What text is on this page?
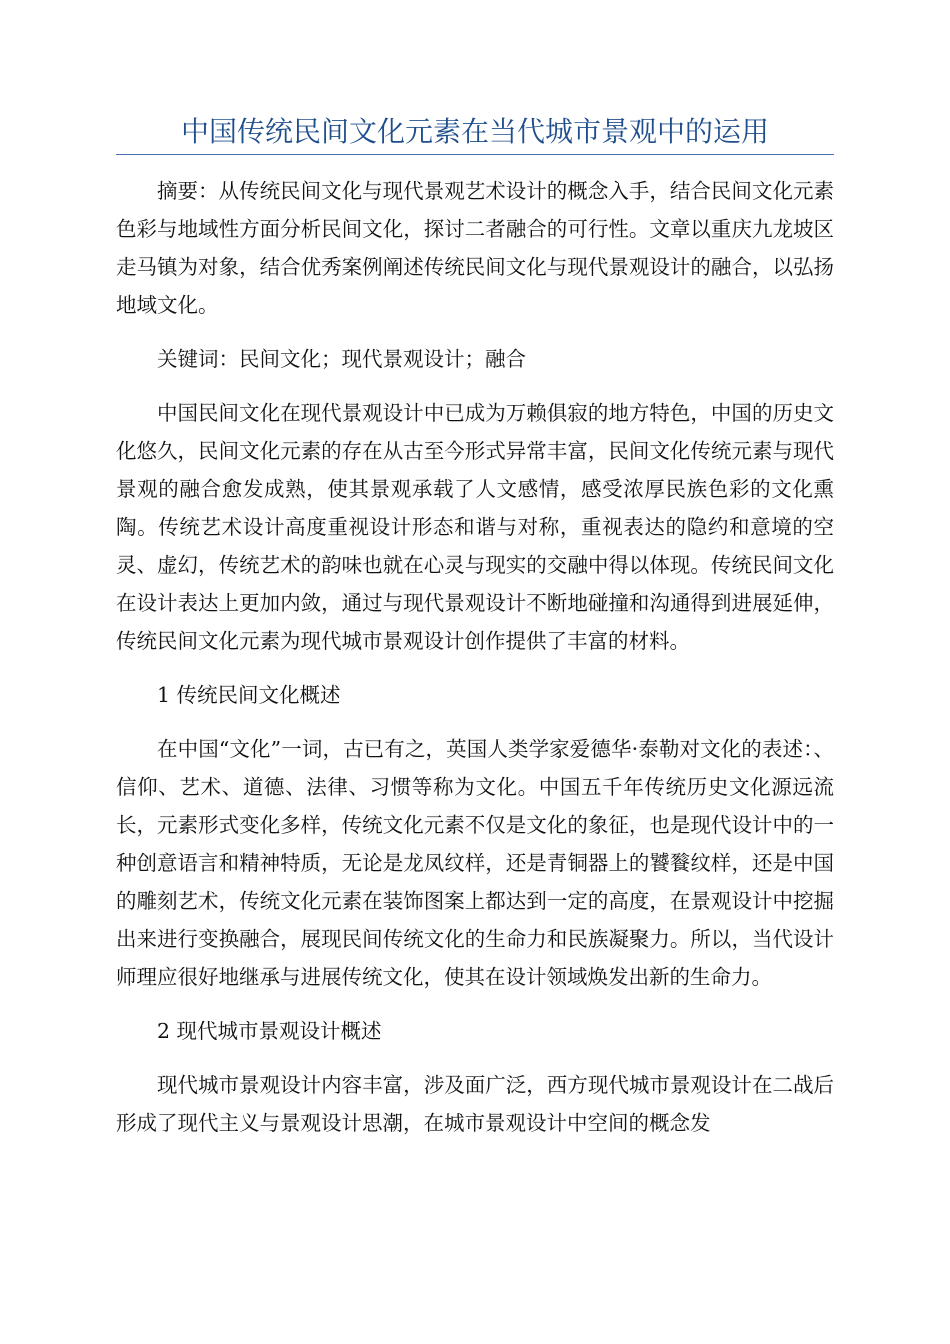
中国传统民间文化元素在当代城市景观中的运用

摘要：从传统民间文化与现代景观艺术设计的概念入手，结合民间文化元素色彩与地域性方面分析民间文化，探讨二者融合的可行性。文章以重庆九龙坡区走马镇为对象，结合优秀案例阐述传统民间文化与现代景观设计的融合，以弘扬地域文化。

关键词：民间文化；现代景观设计；融合

中国民间文化在现代景观设计中已成为万赖俱寂的地方特色，中国的历史文化悠久，民间文化元素的存在从古至今形式异常丰富，民间文化传统元素与现代景观的融合愈发成熟，使其景观承载了人文感情，感受浓厚民族色彩的文化熏陶。传统艺术设计高度重视设计形态和谐与对称，重视表达的隐约和意境的空灵、虚幻，传统艺术的韵味也就在心灵与现实的交融中得以体现。传统民间文化在设计表达上更加内敛，通过与现代景观设计不断地碰撞和沟通得到进展延伸，传统民间文化元素为现代城市景观设计创作提供了丰富的材料。

1 传统民间文化概述

在中国“文化”一词，古已有之，英国人类学家爱德华·泰勒对文化的表述：、信仰、艺术、道德、法律、习惯等称为文化。中国五千年传统历史文化源远流长，元素形式变化多样，传统文化元素不仅是文化的象征，也是现代设计中的一种创意语言和精神特质，无论是龙凤纹样，还是青铜器上的饕餮纹样，还是中国的雕刻艺术，传统文化元素在装饰图案上都达到一定的高度，在景观设计中挖掘出来进行变换融合，展现民间传统文化的生命力和民族凝聚力。所以，当代设计师理应很好地继承与进展传统文化，使其在设计领域焕发出新的生命力。

2 现代城市景观设计概述

现代城市景观设计内容丰富，涉及面广泛，西方现代城市景观设计在二战后形成了现代主义与景观设计思潮，在城市景观设计中空间的概念发
